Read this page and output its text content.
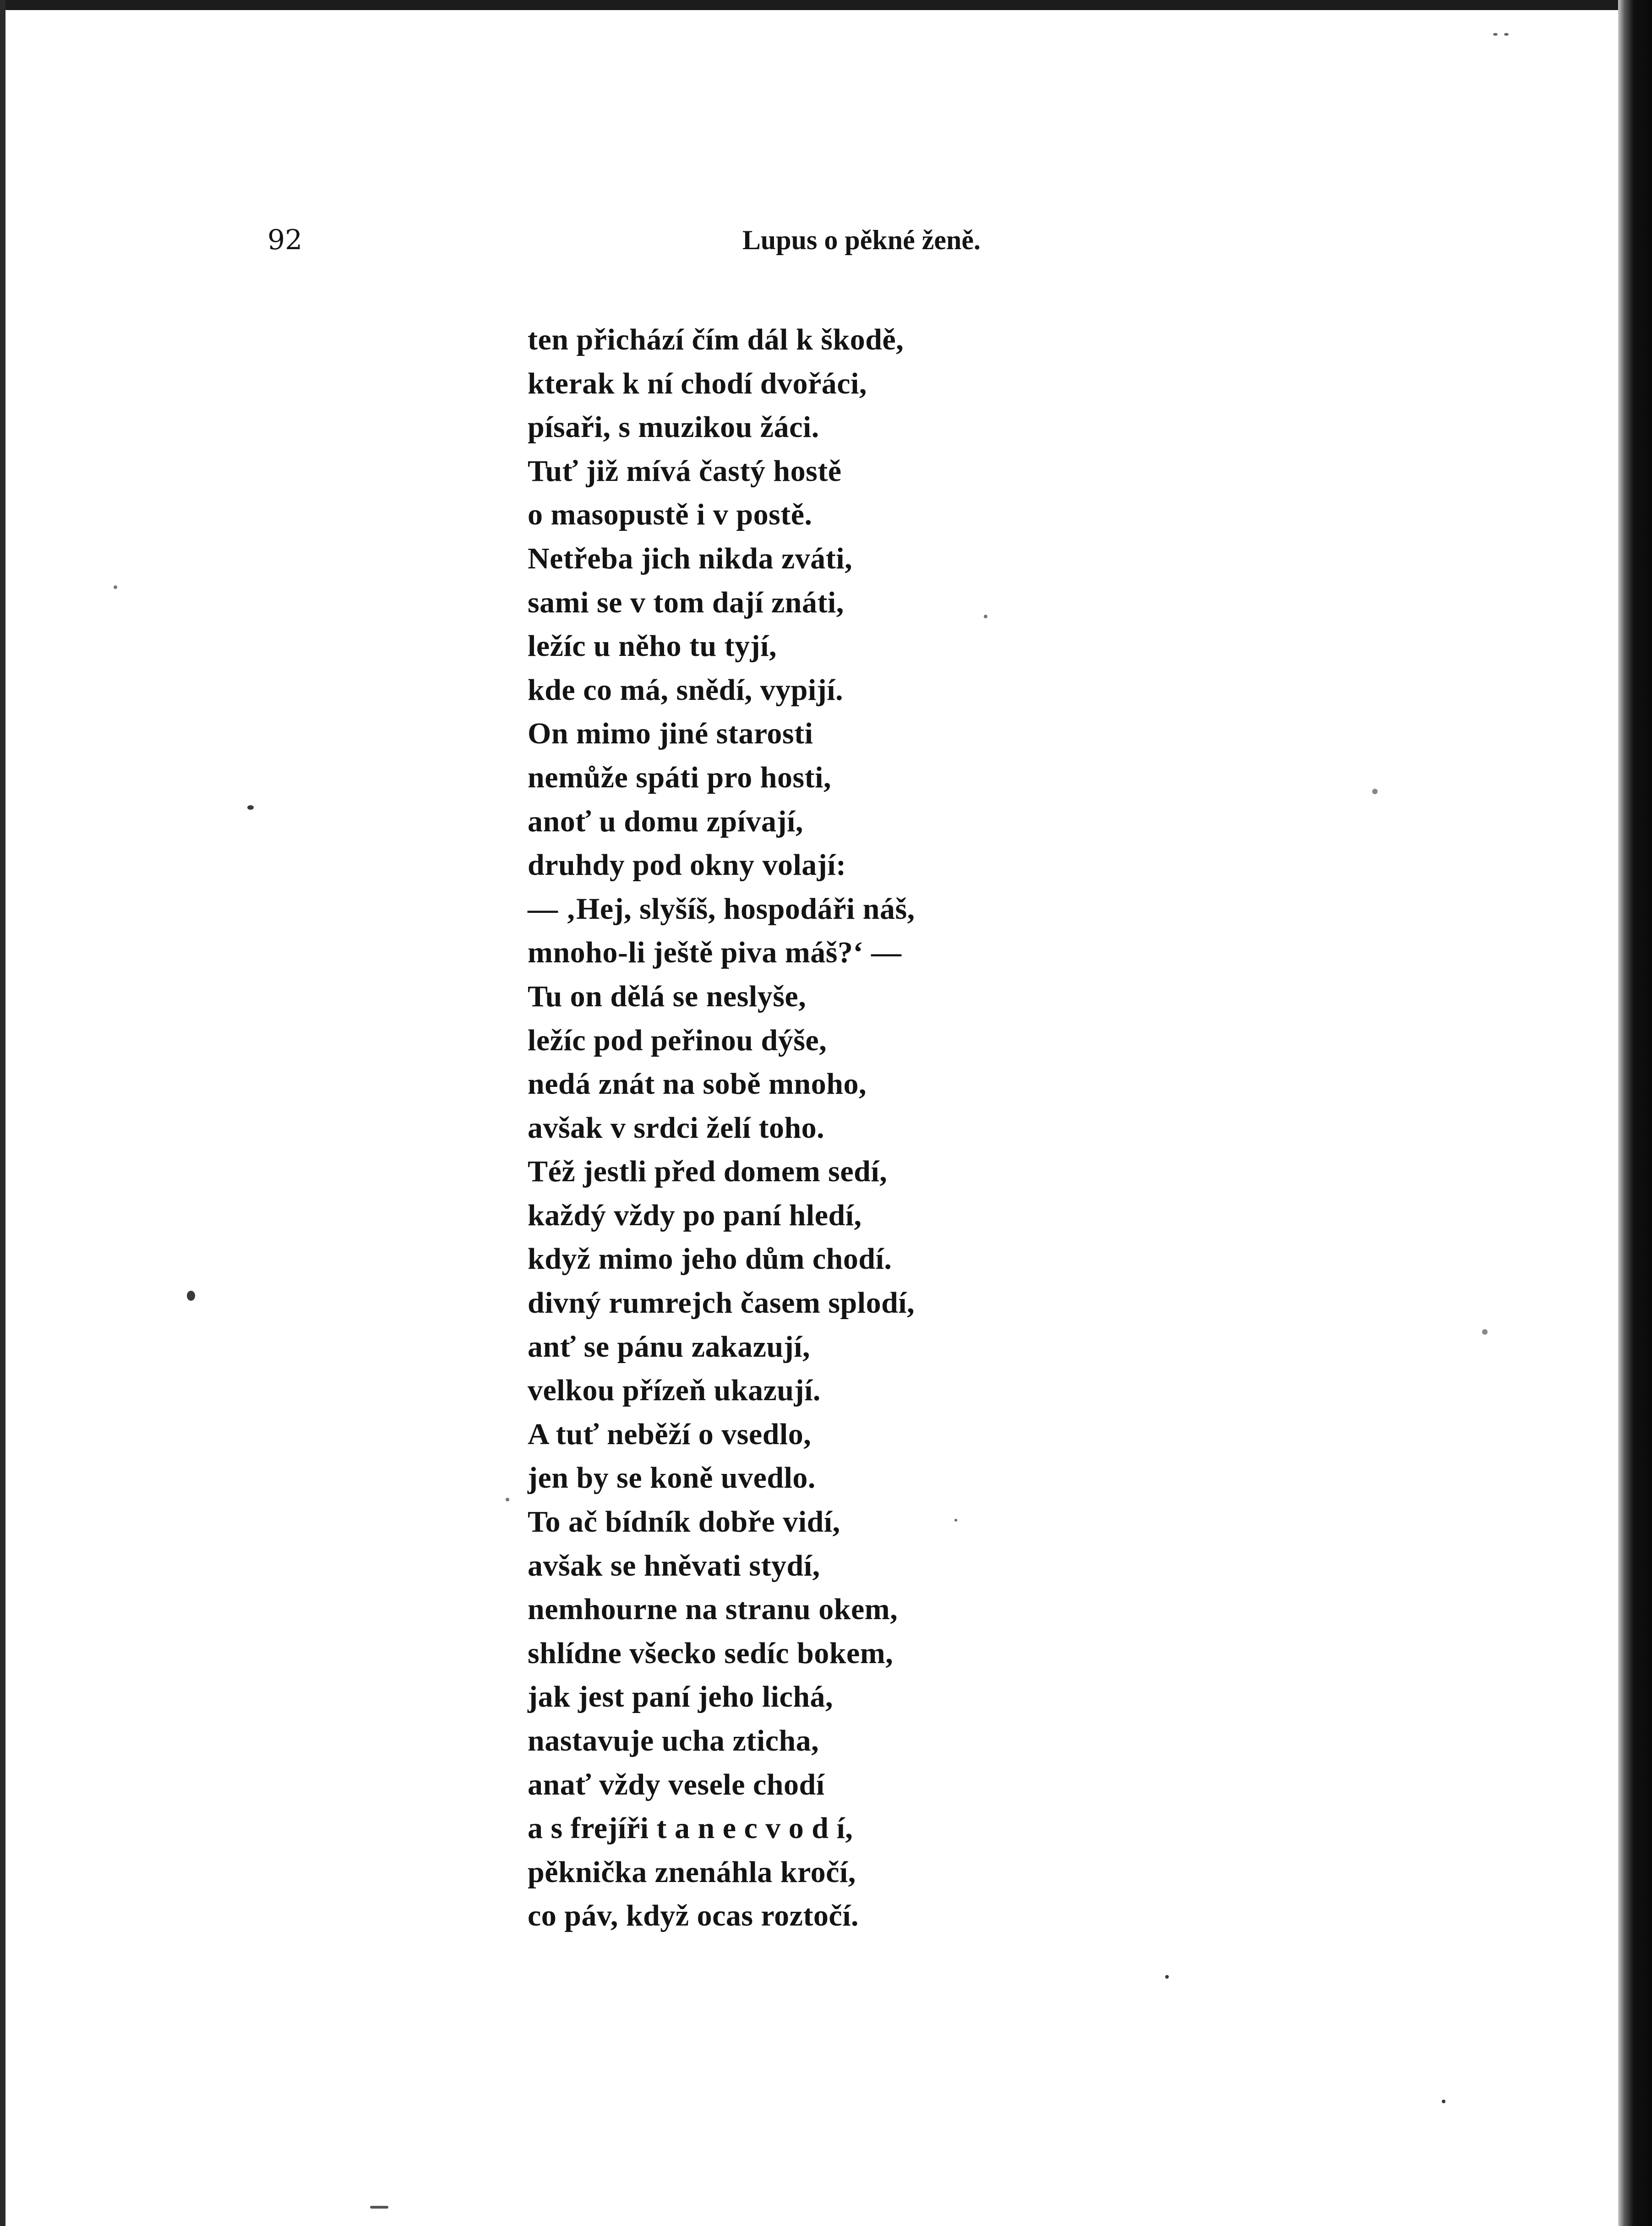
92	Lupus o pěkné ženě.
ten přichází čím dál k škodě,
kterak k ní chodí dvořáci,
písaři, s muzikou žáci.
Tuť již mívá častý hostě
o masopustě i v postě.
Netřeba jich nikda zváti,
sami se v tom dají znáti,
ležíc u něho tu tyjí,
kde co má, snědí, vypijí.
On mimo jiné starosti
nemůže spáti pro hosti,
anoť u domu zpívají,
druhdy pod okny volají:
— ‚Hej, slyšíš, hospodáři náš,
mnoho-li ještě piva máš?‘ —
Tu on dělá se neslyše,
ležíc pod peřinou dýše,
nedá znát na sobě mnoho,
avšak v srdci želí toho.
Též jestli před domem sedí,
každý vždy po paní hledí,
když mimo jeho dům chodí.
divný rumrejch časem splodí,
anť se pánu zakazují,
velkou přízeň ukazují.
A tuť neběží o vsedlo,
jen by se koně uvedlo.
To ač bídník dobře vidí,
avšak se hněvati stydí,
nemhourne na stranu okem,
shlídne všecko sedíc bokem,
jak jest paní jeho lichá,
nastavuje ucha zticha,
anať vždy vesele chodí
a s frejíři t a n e c v o d í,
pěknička znenáhla kročí,
co páv, když ocas roztočí.
